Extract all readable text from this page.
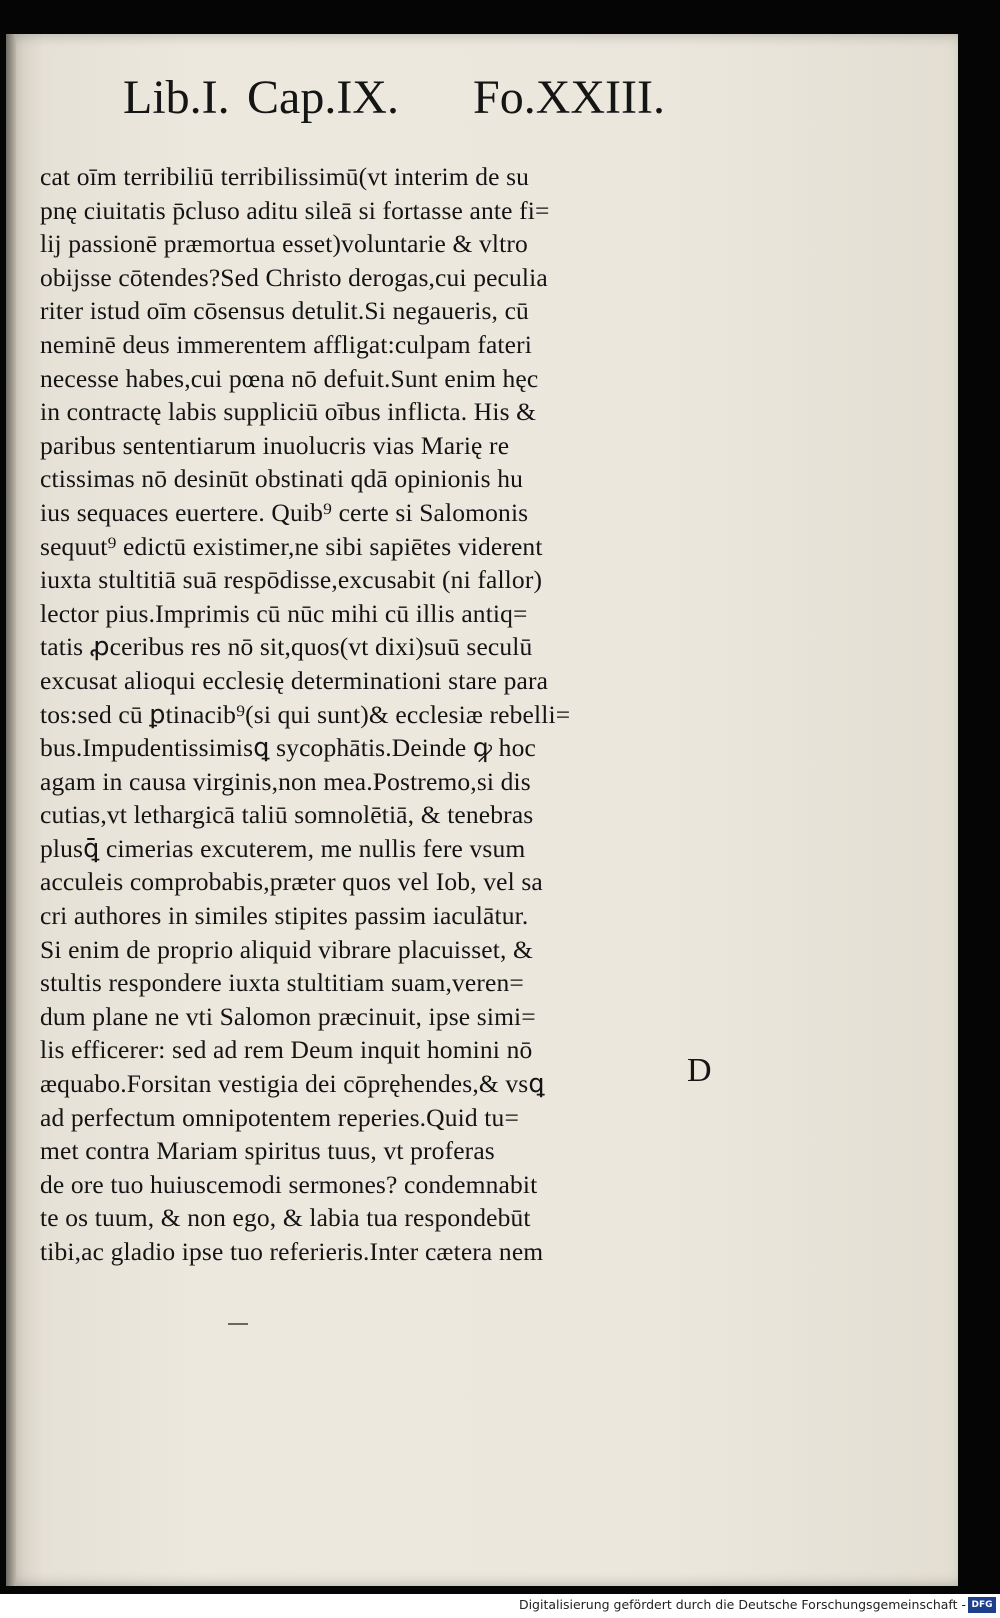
Lib.I. Cap.IX. Fo.XXIII.
cat oīm terribiliū terribilissimū(vt interim de su
pnę ciuitatis p̄cluso aditu sileā si fortasse ante fi=
lij passionē præmortua esset)voluntarie & vltro
obijsse cōtendes?Sed Christo derogas,cui peculia
riter istud oīm cōsensus detulit.Si negaueris, cū
neminē deus immerentem affligat:culpam fateri
necesse habes,cui pœna nō defuit.Sunt enim hęc
in contractę labis suppliciū oībus inflicta. His &
paribus sententiarum inuolucris vias Marię re
ctissimas nō desinūt obstinati qdā opinionis hu
ius sequaces euertere. Quib⁹ certe si Salomonis
sequut⁹ edictū existimer,ne sibi sapiētes viderent
iuxta stultitiā suā respōdisse,excusabit (ni fallor)
lector pius.Imprimis cū nūc mihi cū illis antiq=
tatis ꝓceribus res nō sit,quos(vt dixi)suū seculū
excusat alioqui ecclesię determinationi stare para
tos:sed cū ꝑtinacib⁹(si qui sunt)& ecclesiæ rebelli=
bus.Impudentissimisꝗ sycophātis.Deinde ꝙ hoc
agam in causa virginis,non mea.Postremo,si dis
cutias,vt lethargicā taliū somnolētiā, & tenebras
plusꝗ̄ cimerias excuterem, me nullis fere vsum
acculeis comprobabis,præter quos vel Iob, vel sa
cri authores in similes stipites passim iaculātur.
Si enim de proprio aliquid vibrare placuisset, &
stultis respondere iuxta stultitiam suam,veren=
dum plane ne vti Salomon præcinuit, ipse simi=
lis efficerer: sed ad rem Deum inquit homini nō
æquabo.Forsitan vestigia dei cōpręhendes,& vsꝗ
ad perfectum omnipotentem reperies.Quid tu=
met contra Mariam spiritus tuus, vt proferas
de ore tuo huiuscemodi sermones? condemnabit
te os tuum, & non ego, & labia tua respondebūt
tibi,ac gladio ipse tuo referieris.Inter cætera nem
D
Digitalisierung gefördert durch die Deutsche Forschungsgemeinschaft - DFG
